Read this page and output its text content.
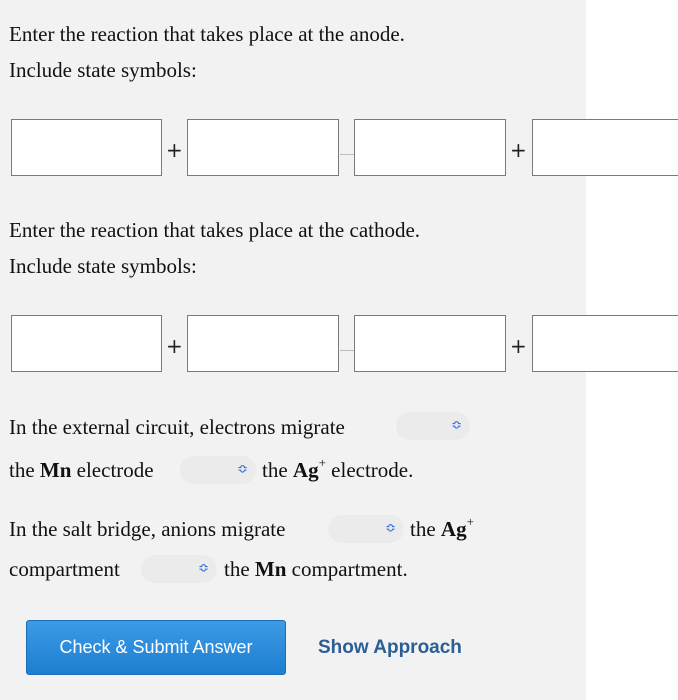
Enter the reaction that takes place at the anode.
Include state symbols:
+	+
Enter the reaction that takes place at the cathode.
Include state symbols:
+	+
In the external circuit, electrons migrate	≎
the Mn electrode	≎ the Ag+ electrode.
In the salt bridge, anions migrate	≎ the Ag+
compartment	≎ the Mn compartment.
Check & Submit Answer	Show Approach
